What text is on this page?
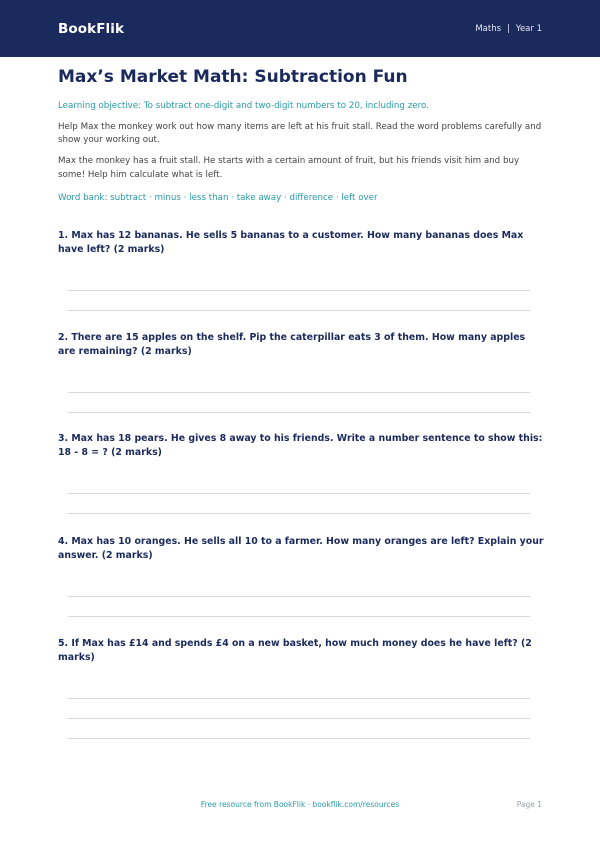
BookFlik	Maths | Year 1
Max’s Market Math: Subtraction Fun
Learning objective: To subtract one-digit and two-digit numbers to 20, including zero.
Help Max the monkey work out how many items are left at his fruit stall. Read the word problems carefully and show your working out.
Max the monkey has a fruit stall. He starts with a certain amount of fruit, but his friends visit him and buy some! Help him calculate what is left.
Word bank: subtract · minus · less than · take away · difference · left over
1. Max has 12 bananas. He sells 5 bananas to a customer. How many bananas does Max have left? (2 marks)
2. There are 15 apples on the shelf. Pip the caterpillar eats 3 of them. How many apples are remaining? (2 marks)
3. Max has 18 pears. He gives 8 away to his friends. Write a number sentence to show this: 18 - 8 = ? (2 marks)
4. Max has 10 oranges. He sells all 10 to a farmer. How many oranges are left? Explain your answer. (2 marks)
5. If Max has £14 and spends £4 on a new basket, how much money does he have left? (2 marks)
Free resource from BookFlik · bookflik.com/resources	Page 1
